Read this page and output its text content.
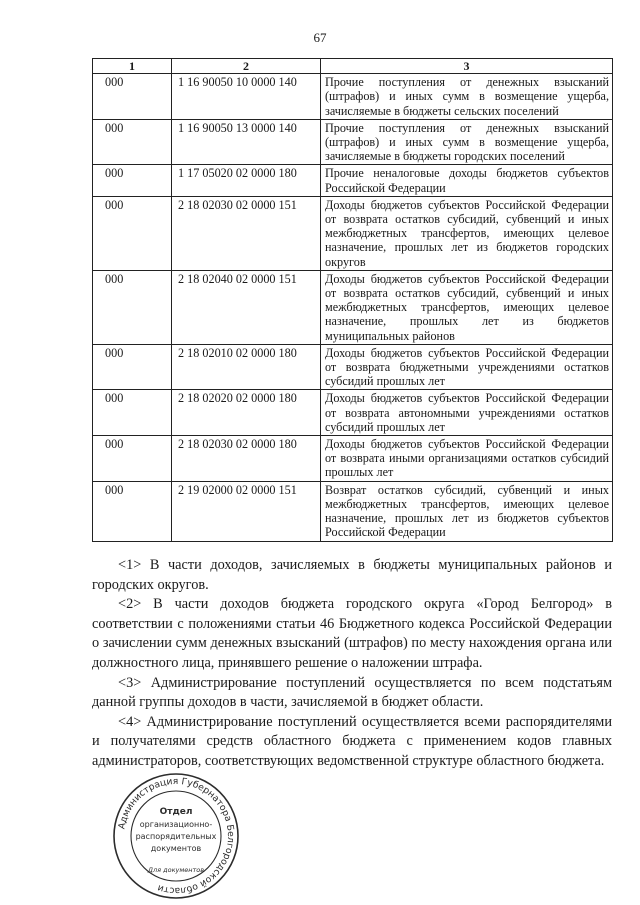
67
1	2	3
000	1 16 90050 10 0000 140	Прочие поступления от денежных взысканий (штрафов) и иных сумм в возмещение ущерба, зачисляемые в бюджеты сельских поселений
000	1 16 90050 13 0000 140	Прочие поступления от денежных взысканий (штрафов) и иных сумм в возмещение ущерба, зачисляемые в бюджеты городских поселений
000	1 17 05020 02 0000 180	Прочие неналоговые доходы бюджетов субъектов Российской Федерации
000	2 18 02030 02 0000 151	Доходы бюджетов субъектов Российской Федерации от возврата остатков субсидий, субвенций и иных межбюджетных трансфертов, имеющих целевое назначение, прошлых лет из бюджетов городских округов
000	2 18 02040 02 0000 151	Доходы бюджетов субъектов Российской Федерации от возврата остатков субсидий, субвенций и иных межбюджетных трансфертов, имеющих целевое назначение, прошлых лет из бюджетов муниципальных районов
000	2 18 02010 02 0000 180	Доходы бюджетов субъектов Российской Федерации от возврата бюджетными учреждениями остатков субсидий прошлых лет
000	2 18 02020 02 0000 180	Доходы бюджетов субъектов Российской Федерации от возврата автономными учреждениями остатков субсидий прошлых лет
000	2 18 02030 02 0000 180	Доходы бюджетов субъектов Российской Федерации от возврата иными организациями остатков субсидий прошлых лет
000	2 19 02000 02 0000 151	Возврат остатков субсидий, субвенций и иных межбюджетных трансфертов, имеющих целевое назначение, прошлых лет из бюджетов субъектов Российской Федерации

<1> В части доходов, зачисляемых в бюджеты муниципальных районов и городских округов.

<2> В части доходов бюджета городского округа «Город Белгород» в соответствии с положениями статьи 46 Бюджетного кодекса Российской Федерации о зачислении сумм денежных взысканий (штрафов) по месту нахождения органа или должностного лица, принявшего решение о наложении штрафа.

<3> Администрирование поступлений осуществляется по всем подстатьям данной группы доходов в части, зачисляемой в бюджет области.

<4> Администрирование поступлений осуществляется всеми распорядителями и получателями средств областного бюджета с применением кодов главных администраторов, соответствующих ведомственной структуре областного бюджета.

Администрация Губернатора Белгородской области
Отдел
организационно-
распорядительных
документов
Для документов
